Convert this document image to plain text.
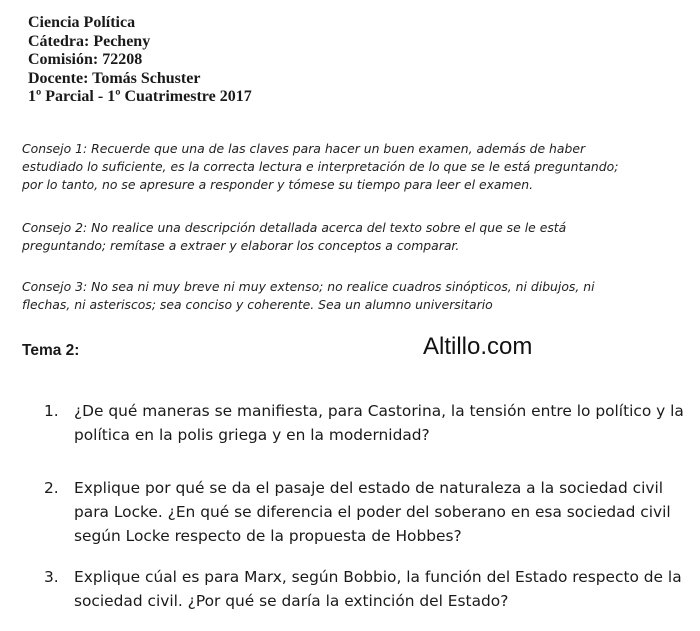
Ciencia Política
Cátedra: Pecheny
Comisión: 72208
Docente: Tomás Schuster
1º Parcial - 1º Cuatrimestre 2017
Consejo 1: Recuerde que una de las claves para hacer un buen examen, además de haber
estudiado lo suficiente, es la correcta lectura e interpretación de lo que se le está preguntando;
por lo tanto, no se apresure a responder y tómese su tiempo para leer el examen.
Consejo 2: No realice una descripción detallada acerca del texto sobre el que se le está
preguntando; remítase a extraer y elaborar los conceptos a comparar.
Consejo 3: No sea ni muy breve ni muy extenso; no realice cuadros sinópticos, ni dibujos, ni
flechas, ni asteriscos; sea conciso y coherente. Sea un alumno universitario
Tema 2:	Altillo.com
1. ¿De qué maneras se manifiesta, para Castorina, la tensión entre lo político y la
política en la polis griega y en la modernidad?
2. Explique por qué se da el pasaje del estado de naturaleza a la sociedad civil
para Locke. ¿En qué se diferencia el poder del soberano en esa sociedad civil
según Locke respecto de la propuesta de Hobbes?
3. Explique cúal es para Marx, según Bobbio, la función del Estado respecto de la
sociedad civil. ¿Por qué se daría la extinción del Estado?
